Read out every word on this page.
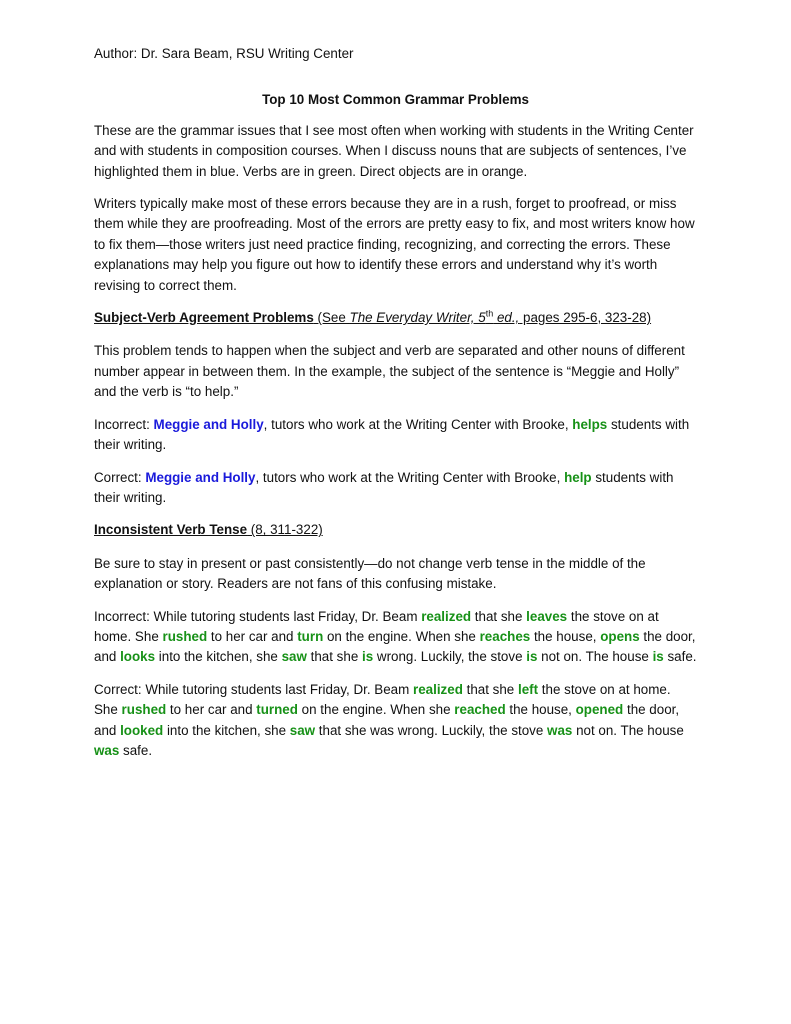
Author: Dr. Sara Beam, RSU Writing Center

Top 10 Most Common Grammar Problems

These are the grammar issues that I see most often when working with students in the Writing Center and with students in composition courses. When I discuss nouns that are subjects of sentences, I’ve highlighted them in blue. Verbs are in green. Direct objects are in orange.

Writers typically make most of these errors because they are in a rush, forget to proofread, or miss them while they are proofreading. Most of the errors are pretty easy to fix, and most writers know how to fix them—those writers just need practice finding, recognizing, and correcting the errors. These explanations may help you figure out how to identify these errors and understand why it’s worth revising to correct them.

Subject-Verb Agreement Problems (See The Everyday Writer, 5th ed., pages 295-6, 323-28)

This problem tends to happen when the subject and verb are separated and other nouns of different number appear in between them. In the example, the subject of the sentence is “Meggie and Holly” and the verb is “to help.”

Incorrect: Meggie and Holly, tutors who work at the Writing Center with Brooke, helps students with their writing.

Correct: Meggie and Holly, tutors who work at the Writing Center with Brooke, help students with their writing.

Inconsistent Verb Tense (8, 311-322)

Be sure to stay in present or past consistently—do not change verb tense in the middle of the explanation or story. Readers are not fans of this confusing mistake.

Incorrect: While tutoring students last Friday, Dr. Beam realized that she leaves the stove on at home. She rushed to her car and turn on the engine. When she reaches the house, opens the door, and looks into the kitchen, she saw that she is wrong. Luckily, the stove is not on. The house is safe.

Correct: While tutoring students last Friday, Dr. Beam realized that she left the stove on at home. She rushed to her car and turned on the engine. When she reached the house, opened the door, and looked into the kitchen, she saw that she was wrong. Luckily, the stove was not on. The house was safe.
